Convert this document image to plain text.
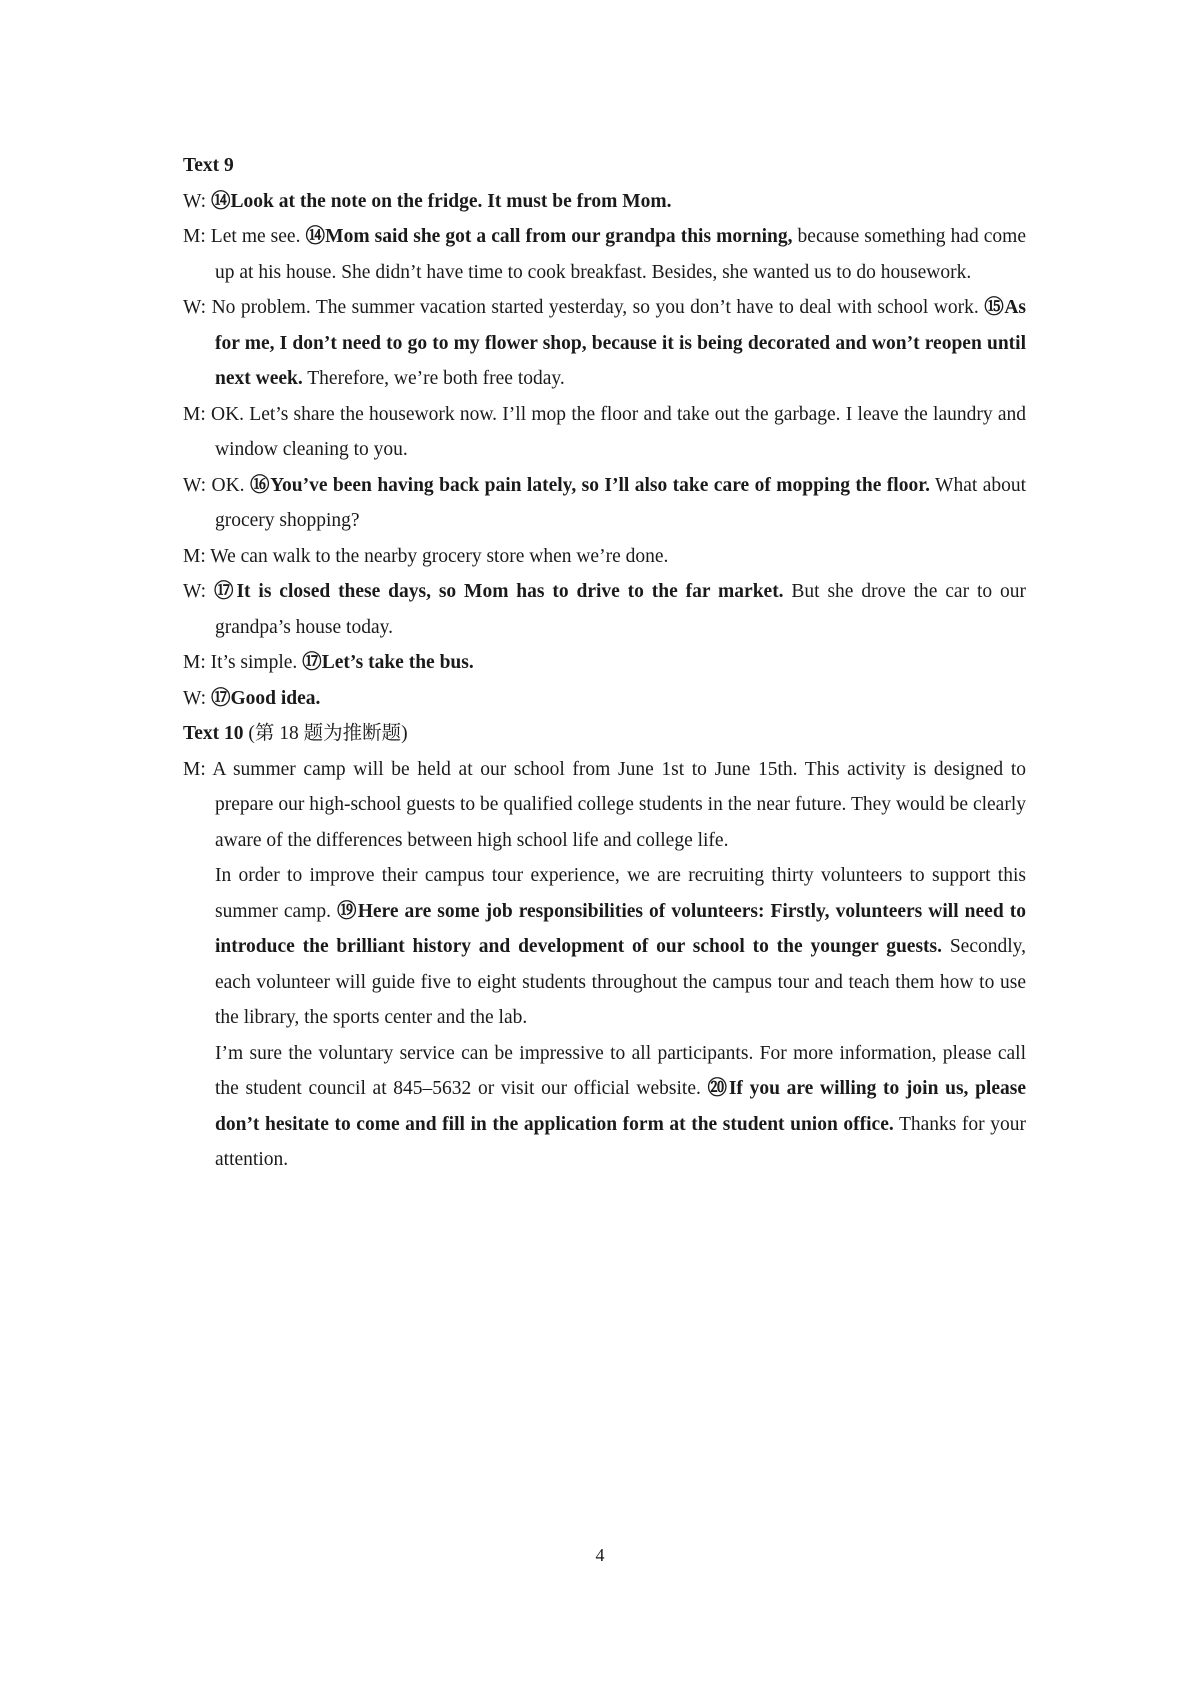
Text 9
W: ⑭Look at the note on the fridge. It must be from Mom.
M: Let me see. ⑭Mom said she got a call from our grandpa this morning, because something had come up at his house. She didn’t have time to cook breakfast. Besides, she wanted us to do housework.
W: No problem. The summer vacation started yesterday, so you don’t have to deal with school work. ⑮As for me, I don’t need to go to my flower shop, because it is being decorated and won’t reopen until next week. Therefore, we’re both free today.
M: OK. Let’s share the housework now. I’ll mop the floor and take out the garbage. I leave the laundry and window cleaning to you.
W: OK. ⑯You’ve been having back pain lately, so I’ll also take care of mopping the floor. What about grocery shopping?
M: We can walk to the nearby grocery store when we’re done.
W: ⑰It is closed these days, so Mom has to drive to the far market. But she drove the car to our grandpa’s house today.
M: It’s simple. ⑰Let’s take the bus.
W: ⑰Good idea.
Text 10 (第 18 题为推断题)
M: A summer camp will be held at our school from June 1st to June 15th. This activity is designed to prepare our high-school guests to be qualified college students in the near future. They would be clearly aware of the differences between high school life and college life.
In order to improve their campus tour experience, we are recruiting thirty volunteers to support this summer camp. ⑲Here are some job responsibilities of volunteers: Firstly, volunteers will need to introduce the brilliant history and development of our school to the younger guests. Secondly, each volunteer will guide five to eight students throughout the campus tour and teach them how to use the library, the sports center and the lab.
I’m sure the voluntary service can be impressive to all participants. For more information, please call the student council at 845–5632 or visit our official website. ⑳If you are willing to join us, please don’t hesitate to come and fill in the application form at the student union office. Thanks for your attention.
4
